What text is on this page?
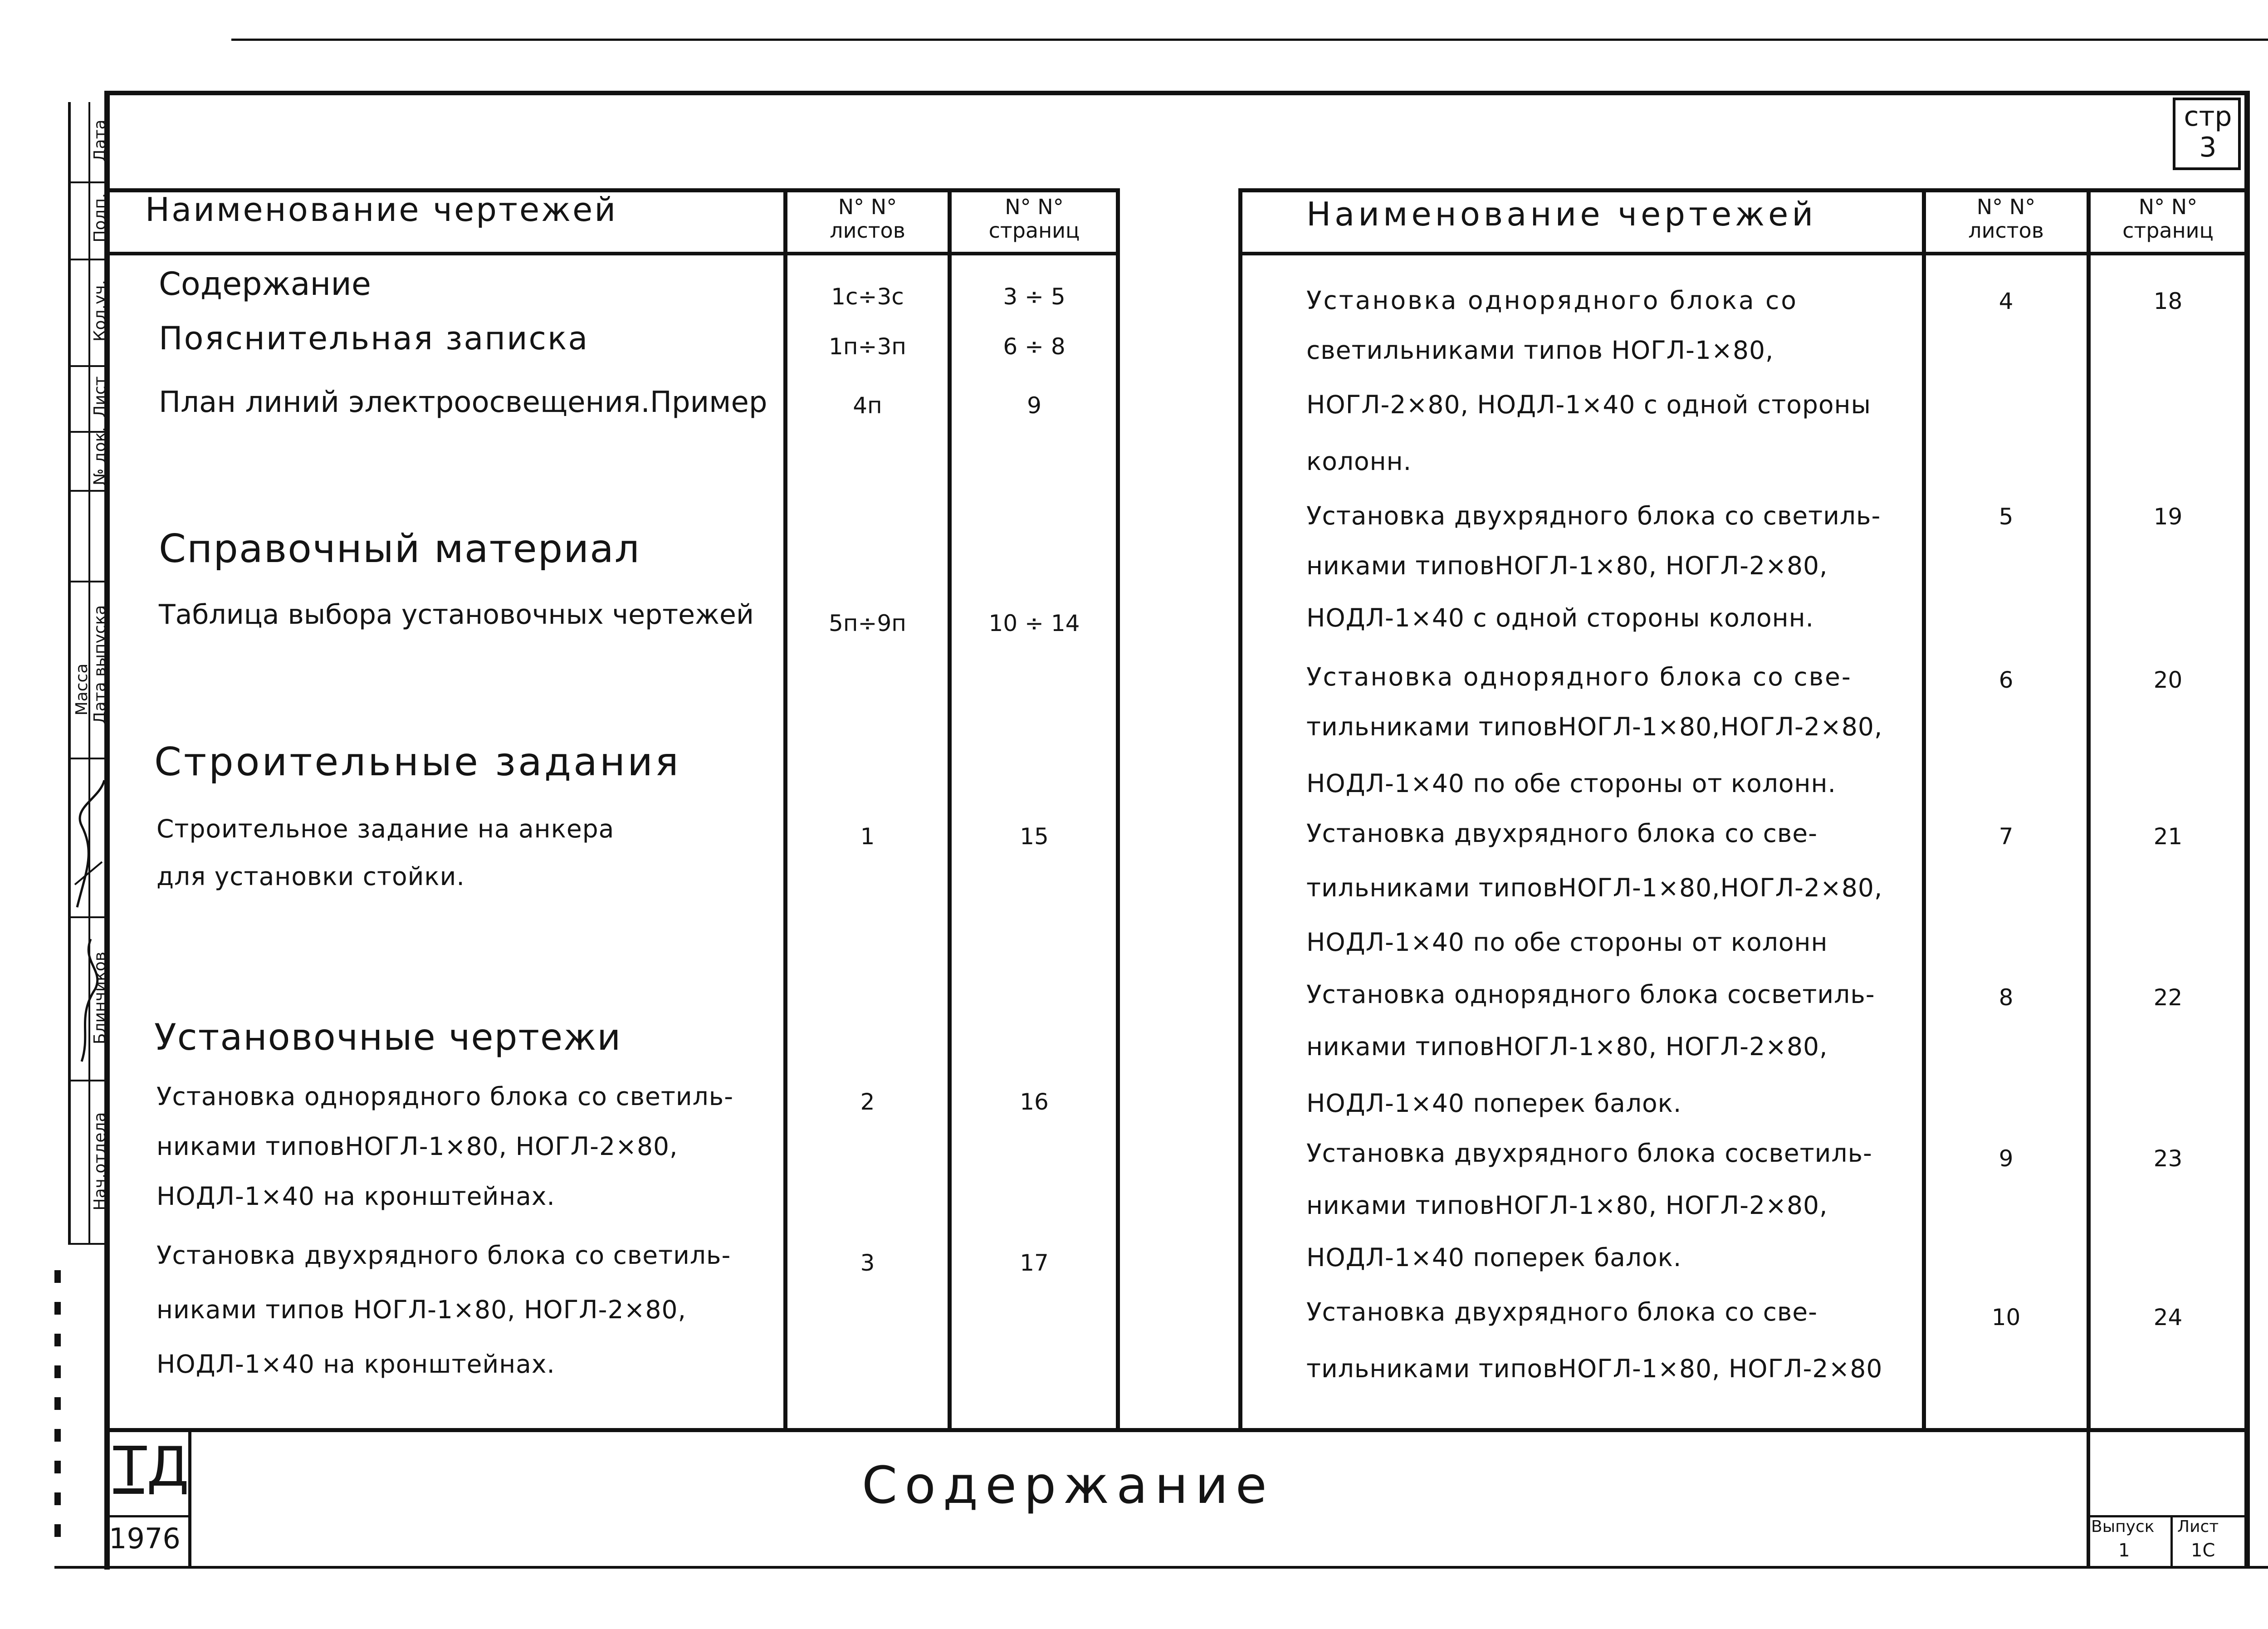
Дата
Подп.
Кол.уч.
Лист
№ док.
Дата выпуска
Масса
Блинчиков
Нач.отдела
стр
3
Наименование чертежей	N° N°
листов
N° N°
страниц
Содержание	1с÷3с	3 ÷ 5
Пояснительная записка	1п÷3п	6 ÷ 8
План линий электроосвещения.Пример	4п	9
Справочный материал
Таблица выбора установочных чертежей	5п÷9п	10 ÷ 14
Строительные задания
Строительное задание на анкера
для установки стойки.
1	15
Установочные чертежи
Установка однорядного блока со светиль-
никами типовНОГЛ-1×80, НОГЛ-2×80,
НОДЛ-1×40 на кронштейнах.
2	16
Установка двухрядного блока со светиль-
никами типов НОГЛ-1×80, НОГЛ-2×80,
НОДЛ-1×40 на кронштейнах.
3	17
Наименование чертежей	N° N°
листов
N° N°
страниц
Установка однорядного блока со
светильниками типов НОГЛ-1×80,
НОГЛ-2×80, НОДЛ-1×40 с одной стороны
колонн.
4	18
Установка двухрядного блока со светиль-
никами типовНОГЛ-1×80, НОГЛ-2×80,
НОДЛ-1×40 с одной стороны колонн.
5	19
Установка однорядного блока со све-
тильниками типовНОГЛ-1×80,НОГЛ-2×80,
НОДЛ-1×40 по обе стороны от колонн.
6	20
Установка двухрядного блока со све-
тильниками типовНОГЛ-1×80,НОГЛ-2×80,
НОДЛ-1×40 по обе стороны от колонн
7	21
Установка однорядного блока сосветиль-
никами типовНОГЛ-1×80, НОГЛ-2×80,
НОДЛ-1×40 поперек балок.
8	22
Установка двухрядного блока сосветиль-
никами типовНОГЛ-1×80, НОГЛ-2×80,
НОДЛ-1×40 поперек балок.
9	23
Установка двухрядного блока со све-
тильниками типовНОГЛ-1×80, НОГЛ-2×80
10	24
ТД
1976
Содержание
Выпуск
1
Лист
1С
